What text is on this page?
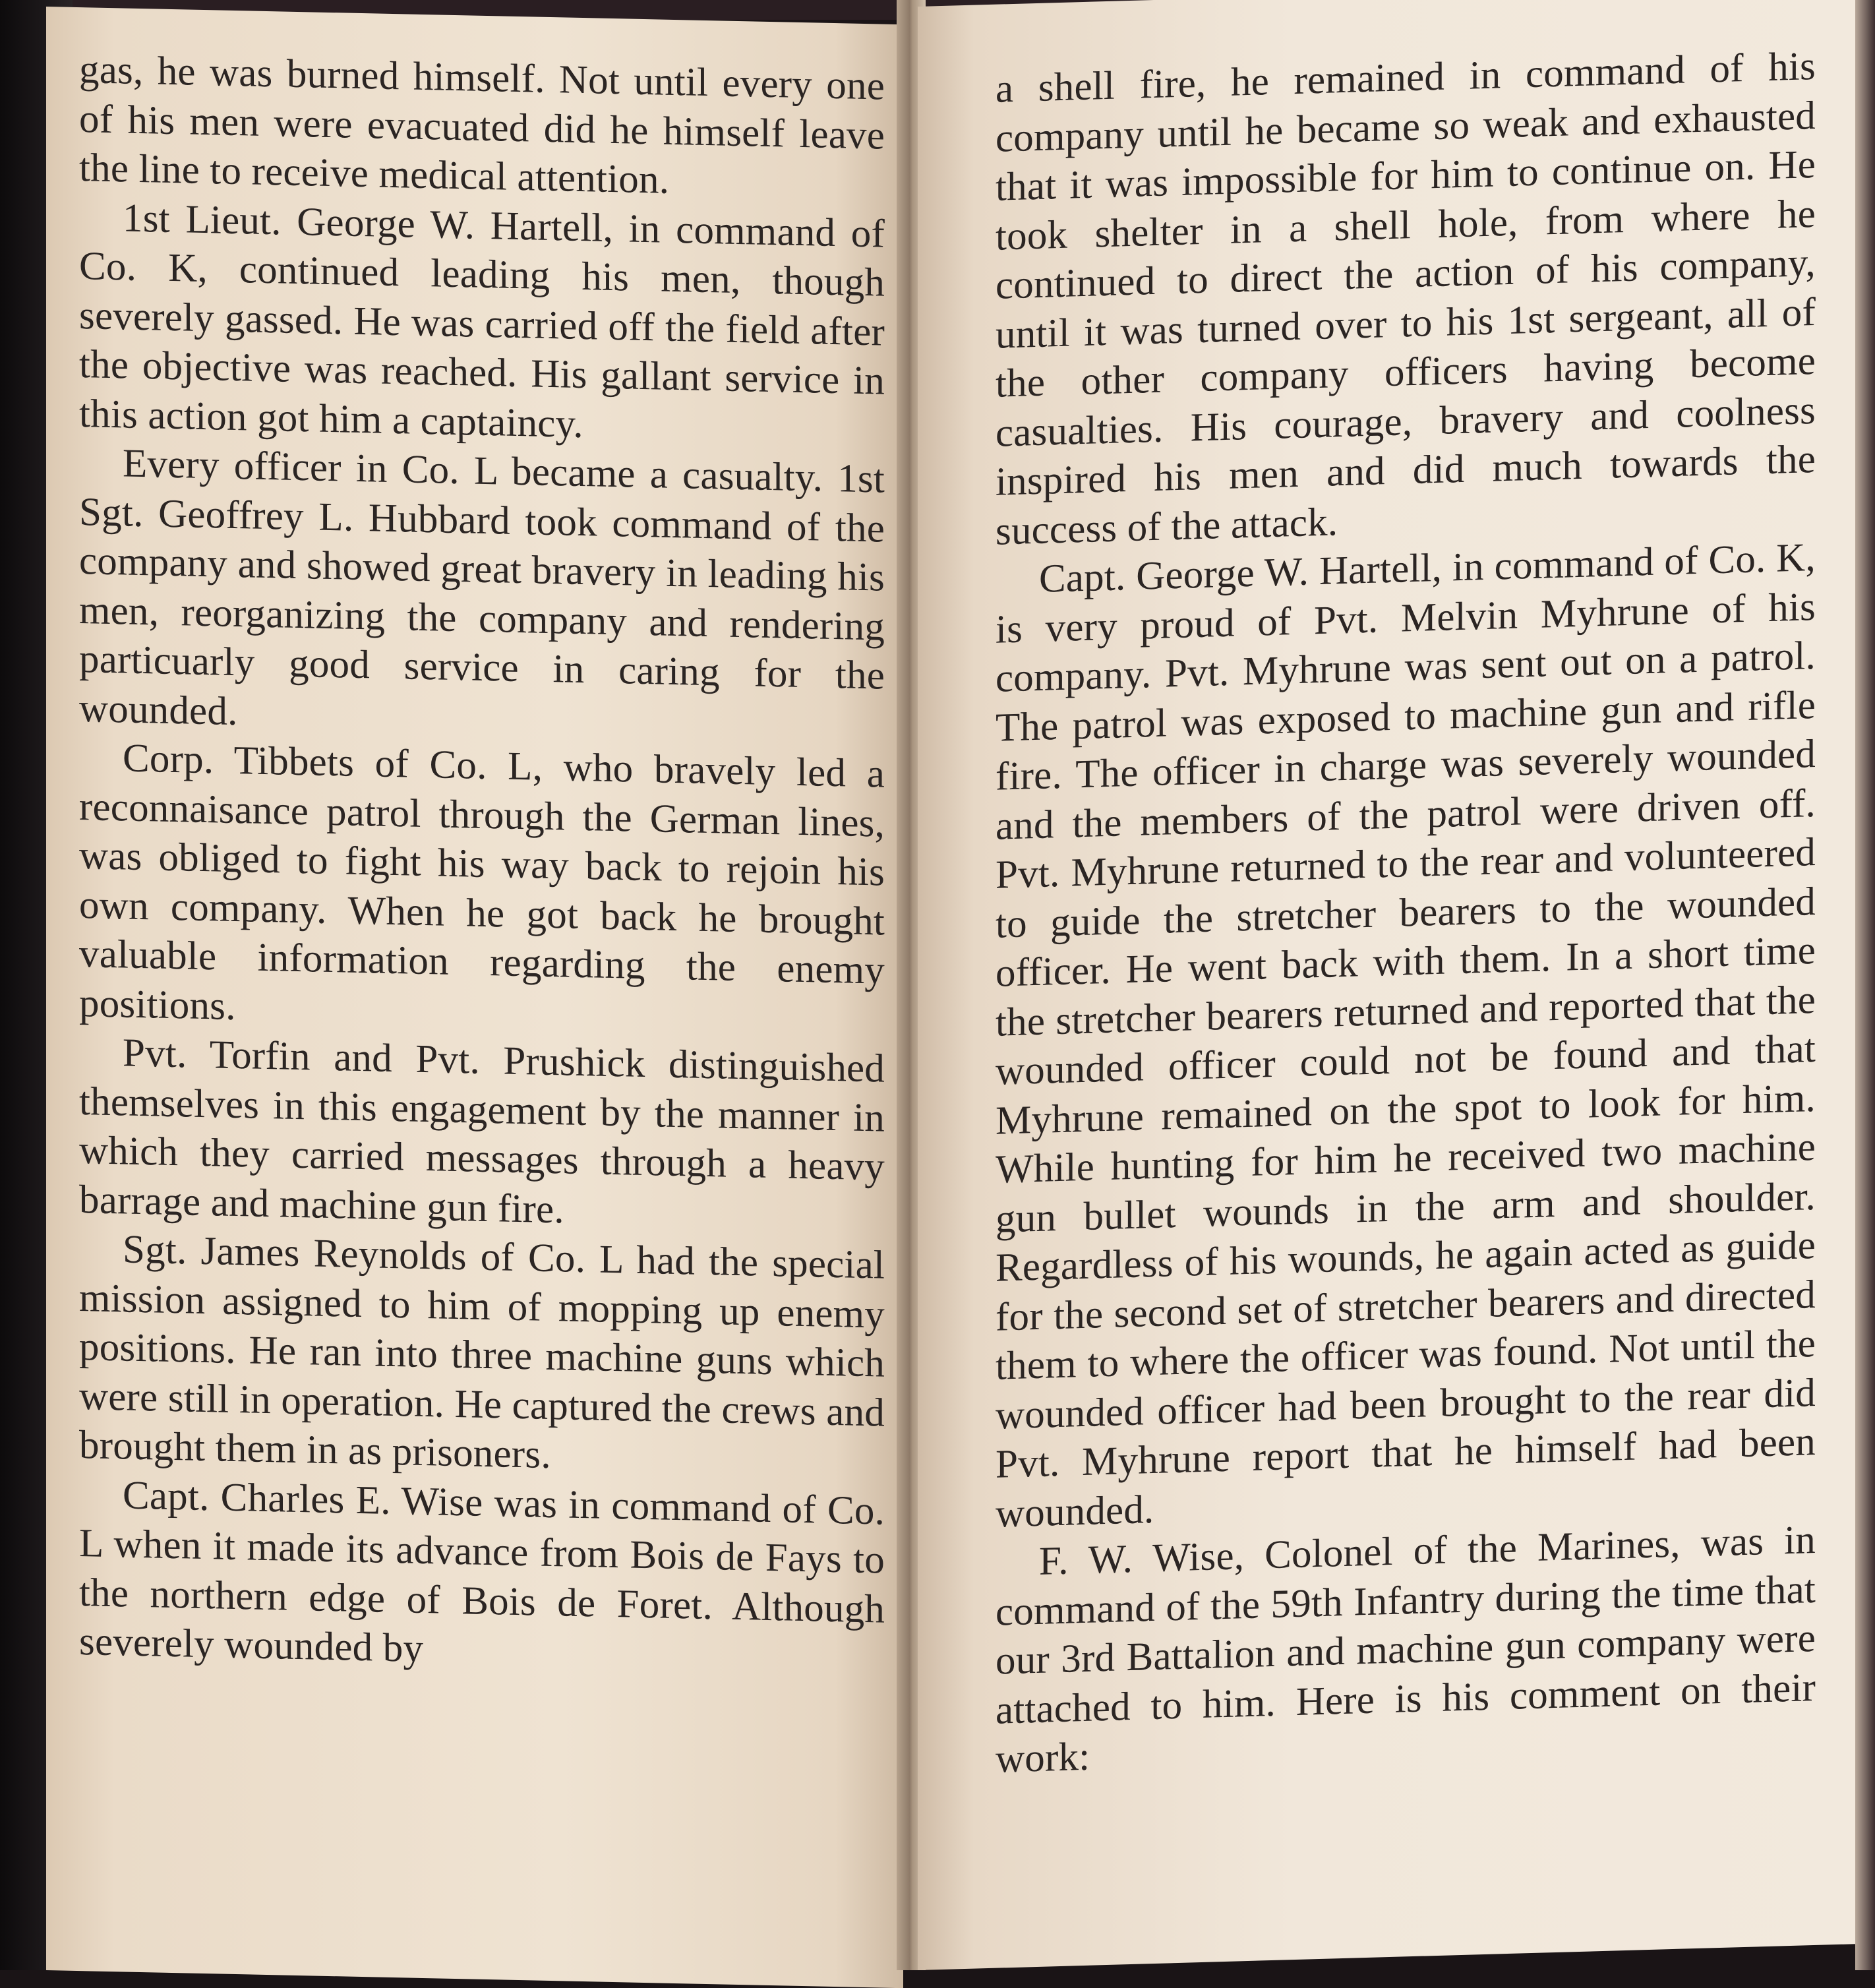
gas, he was burned himself. Not until every one of his men were evacuated did he himself leave the line to receive medical attention.

1st Lieut. George W. Hartell, in command of Co. K, continued leading his men, though severely gassed. He was carried off the field after the objective was reached. His gallant service in this action got him a captaincy.

Every officer in Co. L became a casualty. 1st Sgt. Geoffrey L. Hubbard took command of the company and showed great bravery in leading his men, reorganizing the company and rendering particuarly good service in caring for the wounded.

Corp. Tibbets of Co. L, who bravely led a reconnaisance patrol through the German lines, was obliged to fight his way back to rejoin his own company. When he got back he brought valuable information regarding the enemy positions.

Pvt. Torfin and Pvt. Prushick distinguished themselves in this engagement by the manner in which they carried messages through a heavy barrage and machine gun fire.

Sgt. James Reynolds of Co. L had the special mission assigned to him of mopping up enemy positions. He ran into three machine guns which were still in operation. He captured the crews and brought them in as prisoners.

Capt. Charles E. Wise was in command of Co. L when it made its advance from Bois de Fays to the northern edge of Bois de Foret. Although severely wounded by

a shell fire, he remained in command of his company until he became so weak and exhausted that it was impossible for him to continue on. He took shelter in a shell hole, from where he continued to direct the action of his company, until it was turned over to his 1st sergeant, all of the other company officers having become casualties. His courage, bravery and coolness inspired his men and did much towards the success of the attack.

Capt. George W. Hartell, in command of Co. K, is very proud of Pvt. Melvin Myhrune of his company. Pvt. Myhrune was sent out on a patrol. The patrol was exposed to machine gun and rifle fire. The officer in charge was severely wounded and the members of the patrol were driven off. Pvt. Myhrune returned to the rear and volunteered to guide the stretcher bearers to the wounded officer. He went back with them. In a short time the stretcher bearers returned and reported that the wounded officer could not be found and that Myhrune remained on the spot to look for him. While hunting for him he received two machine gun bullet wounds in the arm and shoulder. Regardless of his wounds, he again acted as guide for the second set of stretcher bearers and directed them to where the officer was found. Not until the wounded officer had been brought to the rear did Pvt. Myhrune report that he himself had been wounded.

F. W. Wise, Colonel of the Marines, was in command of the 59th Infantry during the time that our 3rd Battalion and machine gun company were attached to him. Here is his comment on their work:
